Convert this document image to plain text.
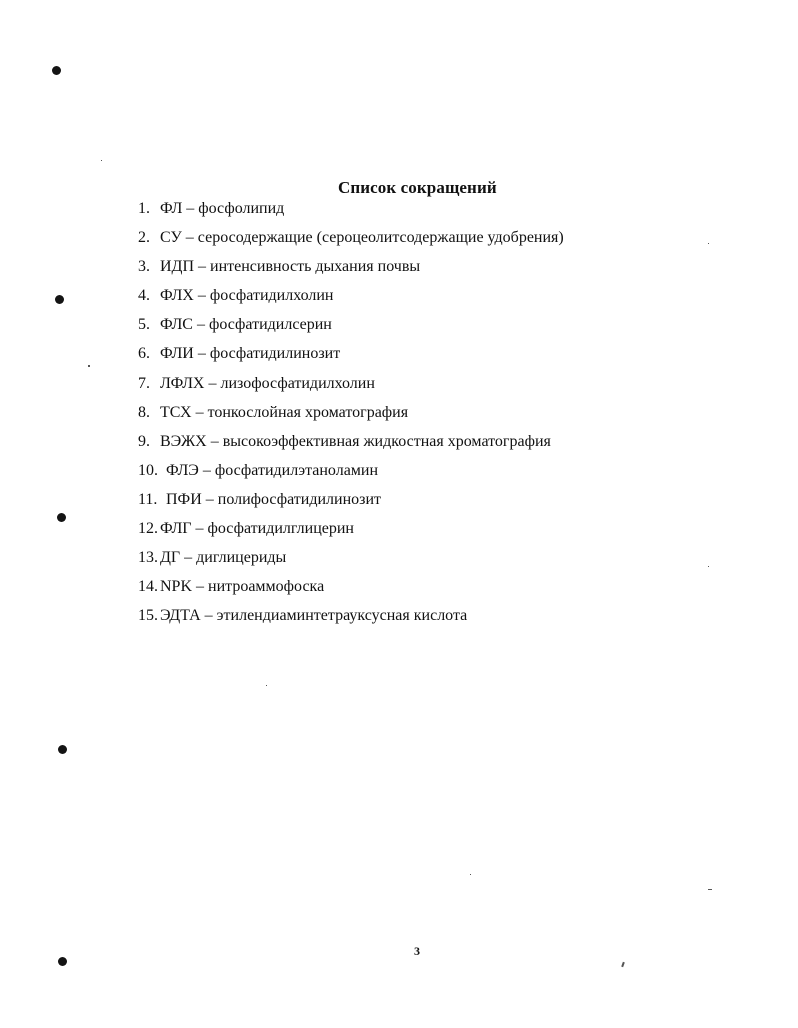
Список сокращений
1. ФЛ – фосфолипид
2. СУ – серосодержащие (сероцеолитсодержащие удобрения)
3. ИДП – интенсивность дыхания почвы
4. ФЛХ – фосфатидилхолин
5. ФЛС – фосфатидилсерин
6. ФЛИ – фосфатидилинозит
7. ЛФЛХ – лизофосфатидилхолин
8. ТСХ – тонкослойная хроматография
9. ВЭЖХ – высокоэффективная жидкостная хроматография
10. ФЛЭ – фосфатидилэтаноламин
11. ПФИ – полифосфатидилинозит
12. ФЛГ – фосфатидилглицерин
13. ДГ – диглицериды
14. NPK – нитроаммофоска
15. ЭДТА – этилендиаминтетрауксусная кислота
3
